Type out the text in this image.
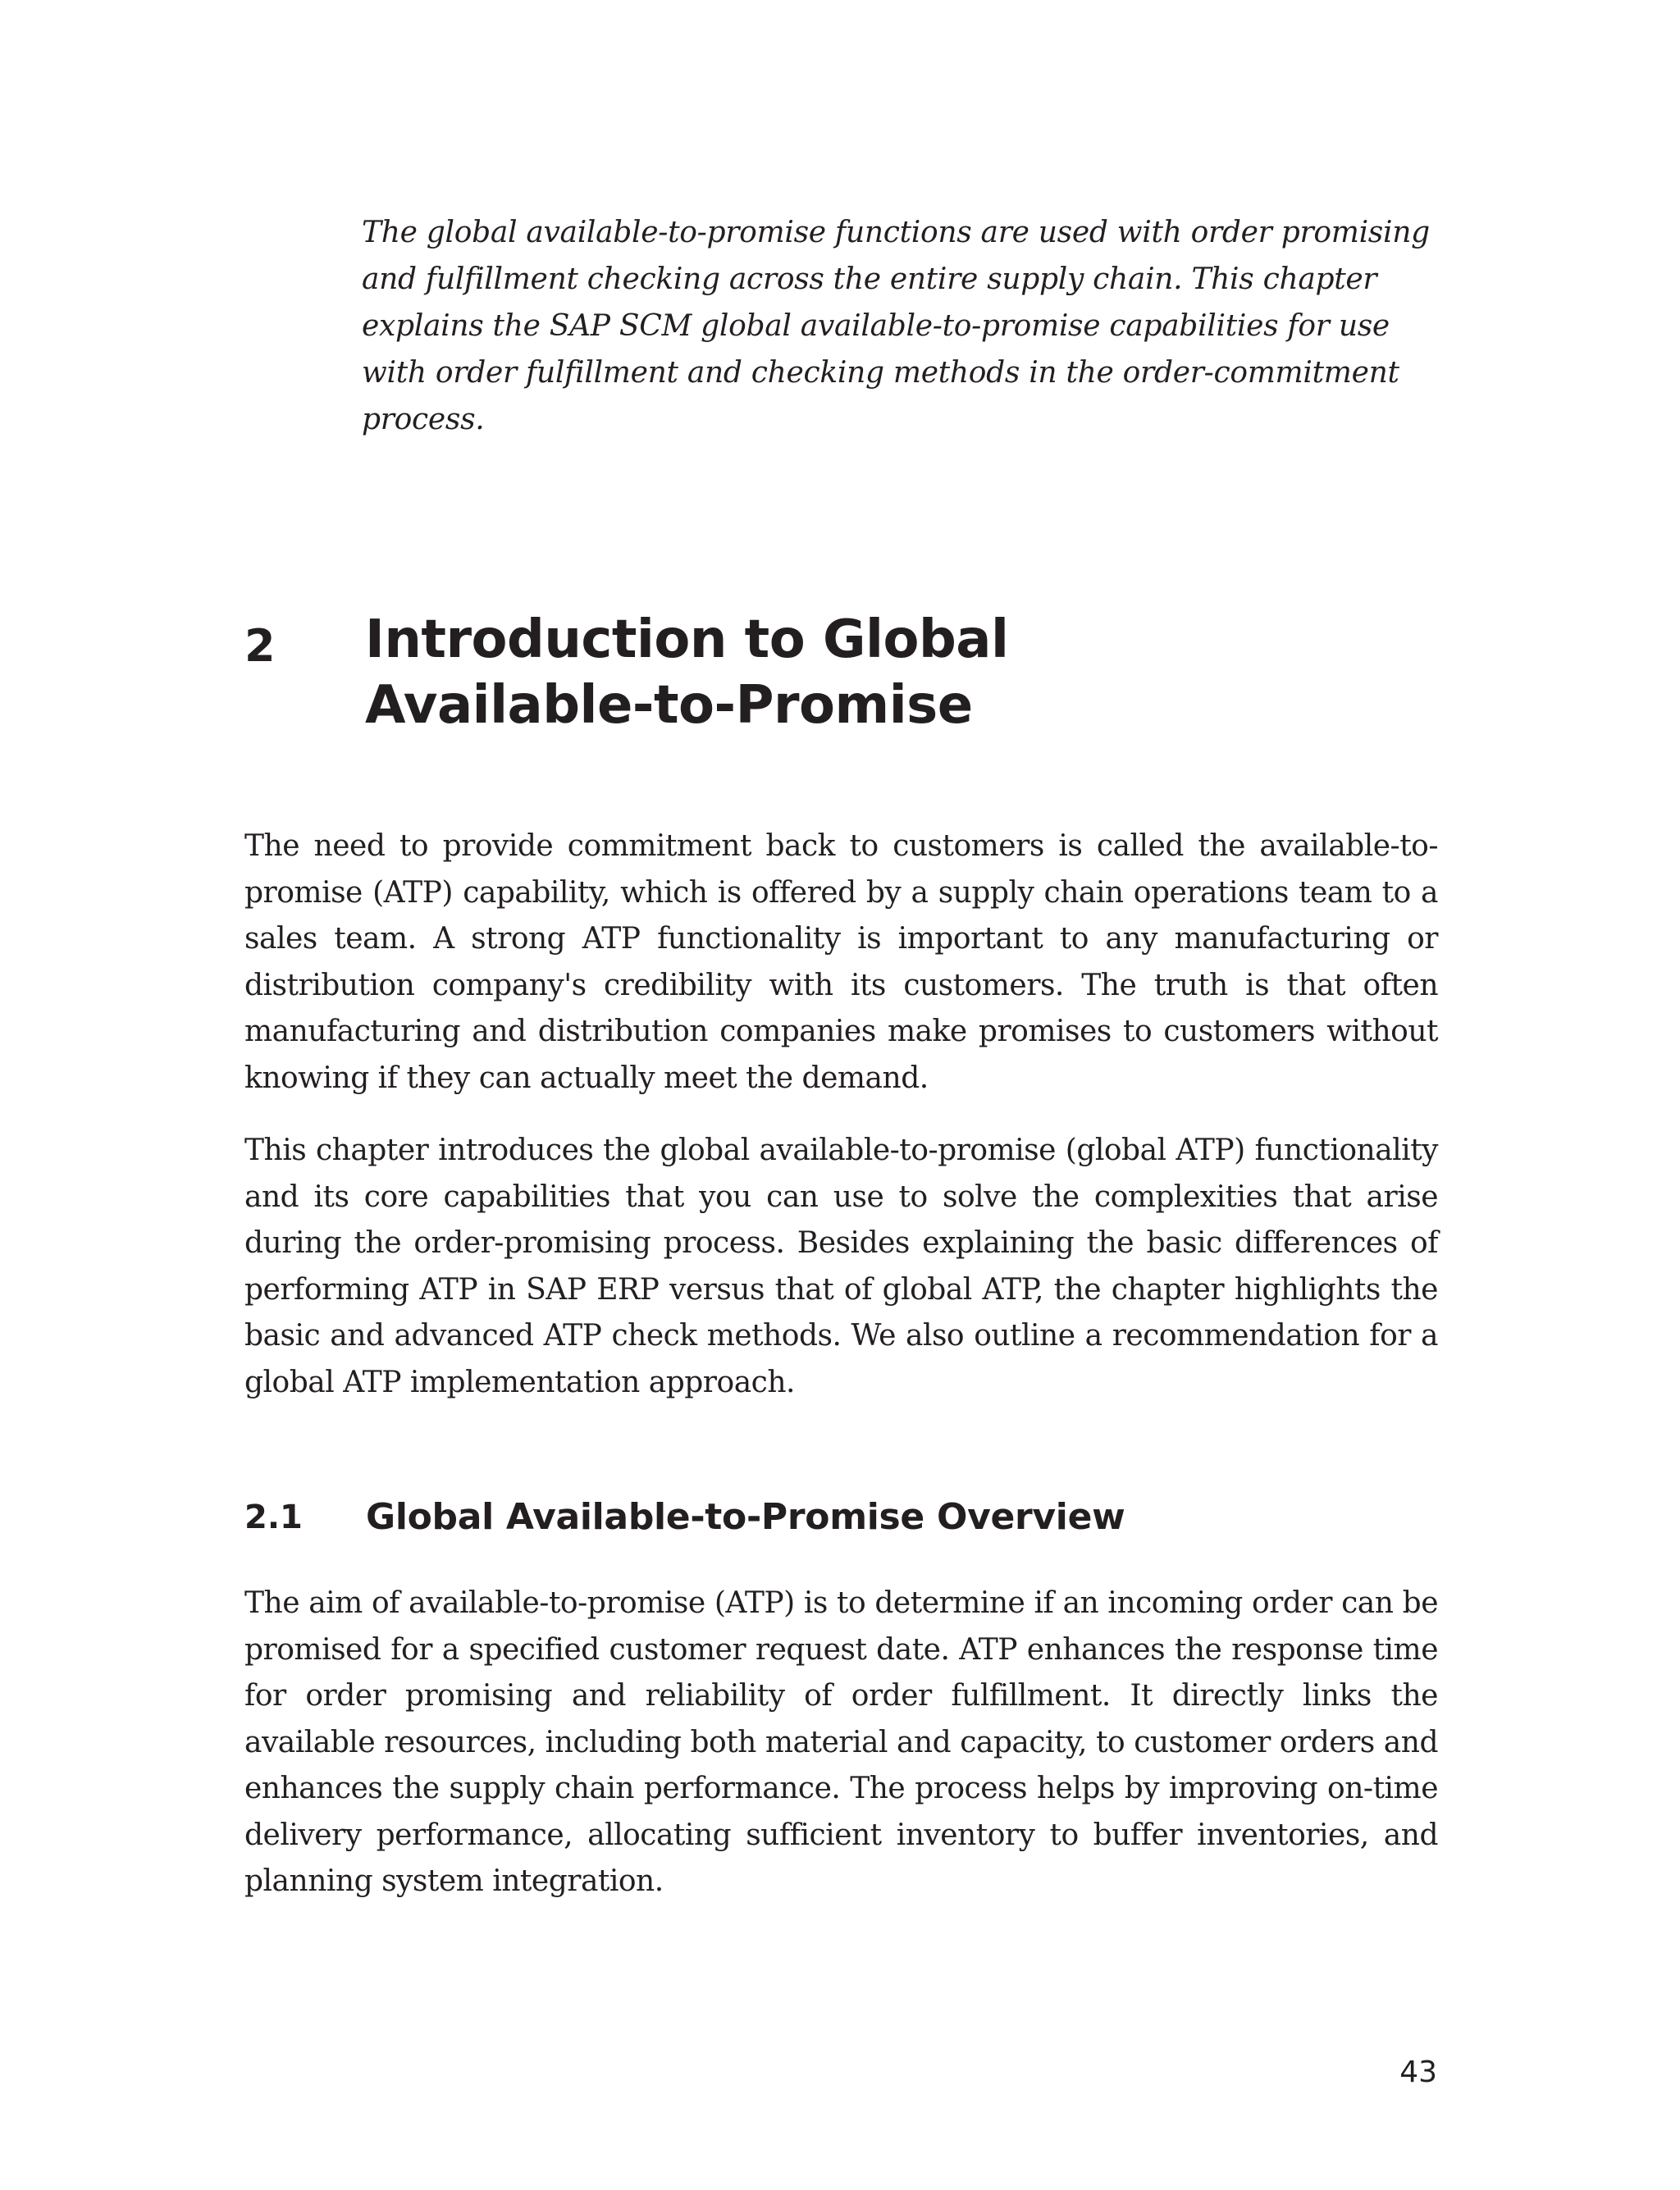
The global available-to-promise functions are used with order promising and fulfillment checking across the entire supply chain. This chapter explains the SAP SCM global available-to-promise capabilities for use with order fulfillment and checking methods in the order-commitment process.

2 Introduction to Global
Available-to-Promise

The need to provide commitment back to customers is called the available-to-promise (ATP) capability, which is offered by a supply chain operations team to a sales team. A strong ATP functionality is important to any manufacturing or distribution company's credibility with its customers. The truth is that often manufacturing and distribution companies make promises to customers without knowing if they can actually meet the demand.

This chapter introduces the global available-to-promise (global ATP) functionality and its core capabilities that you can use to solve the complexities that arise during the order-promising process. Besides explaining the basic differences of performing ATP in SAP ERP versus that of global ATP, the chapter highlights the basic and advanced ATP check methods. We also outline a recommendation for a global ATP implementation approach.

2.1 Global Available-to-Promise Overview

The aim of available-to-promise (ATP) is to determine if an incoming order can be promised for a specified customer request date. ATP enhances the response time for order promising and reliability of order fulfillment. It directly links the available resources, including both material and capacity, to customer orders and enhances the supply chain performance. The process helps by improving on-time delivery performance, allocating sufficient inventory to buffer inventories, and planning system integration.

43
